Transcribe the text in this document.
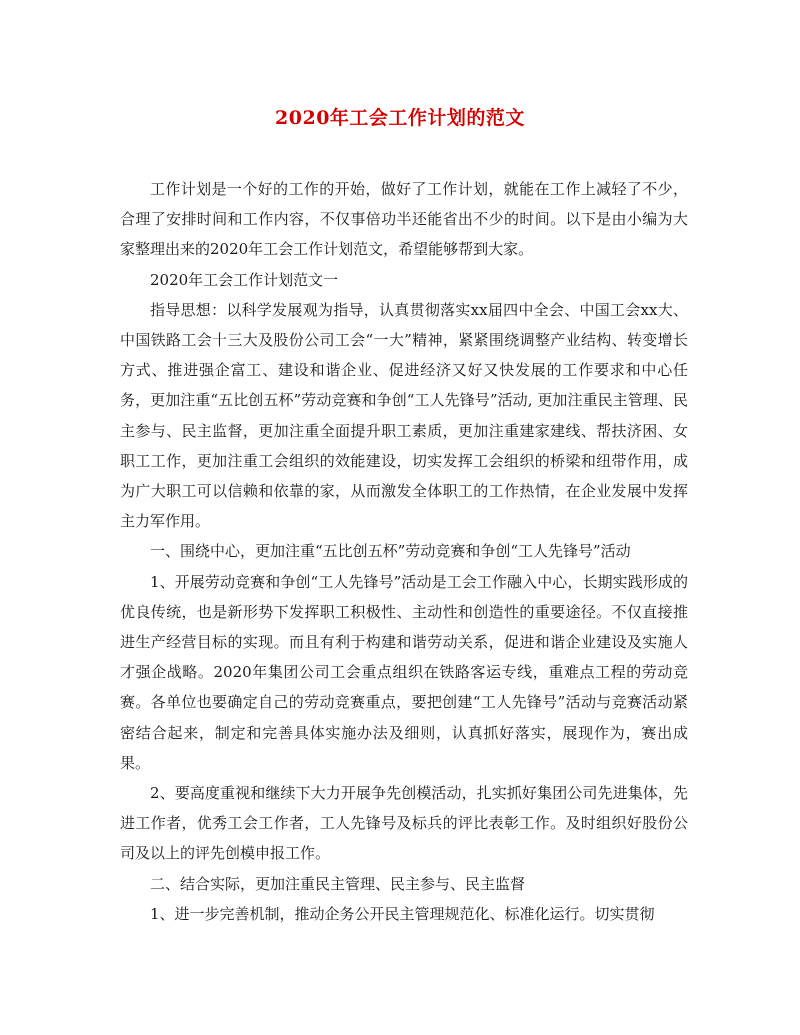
2020年工会工作计划的范文

工作计划是一个好的工作的开始，做好了工作计划，就能在工作上减轻了不少，合理了安排时间和工作内容，不仅事倍功半还能省出不少的时间。以下是由小编为大家整理出来的2020年工会工作计划范文，希望能够帮到大家。

2020年工会工作计划范文一

指导思想：以科学发展观为指导，认真贯彻落实xx届四中全会、中国工会xx大、中国铁路工会十三大及股份公司工会“一大”精神，紧紧围绕调整产业结构、转变增长方式、推进强企富工、建设和谐企业、促进经济又好又快发展的工作要求和中心任务，更加注重“五比创五杯”劳动竞赛和争创“工人先锋号”活动, 更加注重民主管理、民主参与、民主监督，更加注重全面提升职工素质，更加注重建家建线、帮扶济困、女职工工作，更加注重工会组织的效能建设，切实发挥工会组织的桥梁和纽带作用，成为广大职工可以信赖和依靠的家，从而激发全体职工的工作热情，在企业发展中发挥主力军作用。

一、围绕中心，更加注重“五比创五杯”劳动竞赛和争创“工人先锋号”活动

1、开展劳动竞赛和争创“工人先锋号”活动是工会工作融入中心，长期实践形成的优良传统，也是新形势下发挥职工积极性、主动性和创造性的重要途径。不仅直接推进生产经营目标的实现。而且有利于构建和谐劳动关系，促进和谐企业建设及实施人才强企战略。2020年集团公司工会重点组织在铁路客运专线，重难点工程的劳动竞赛。各单位也要确定自己的劳动竞赛重点，要把创建“工人先锋号”活动与竞赛活动紧密结合起来，制定和完善具体实施办法及细则，认真抓好落实，展现作为，赛出成果。

2、要高度重视和继续下大力开展争先创模活动，扎实抓好集团公司先进集体，先进工作者，优秀工会工作者，工人先锋号及标兵的评比表彰工作。及时组织好股份公司及以上的评先创模申报工作。

二、结合实际，更加注重民主管理、民主参与、民主监督

1、进一步完善机制，推动企务公开民主管理规范化、标准化运行。切实贯彻
